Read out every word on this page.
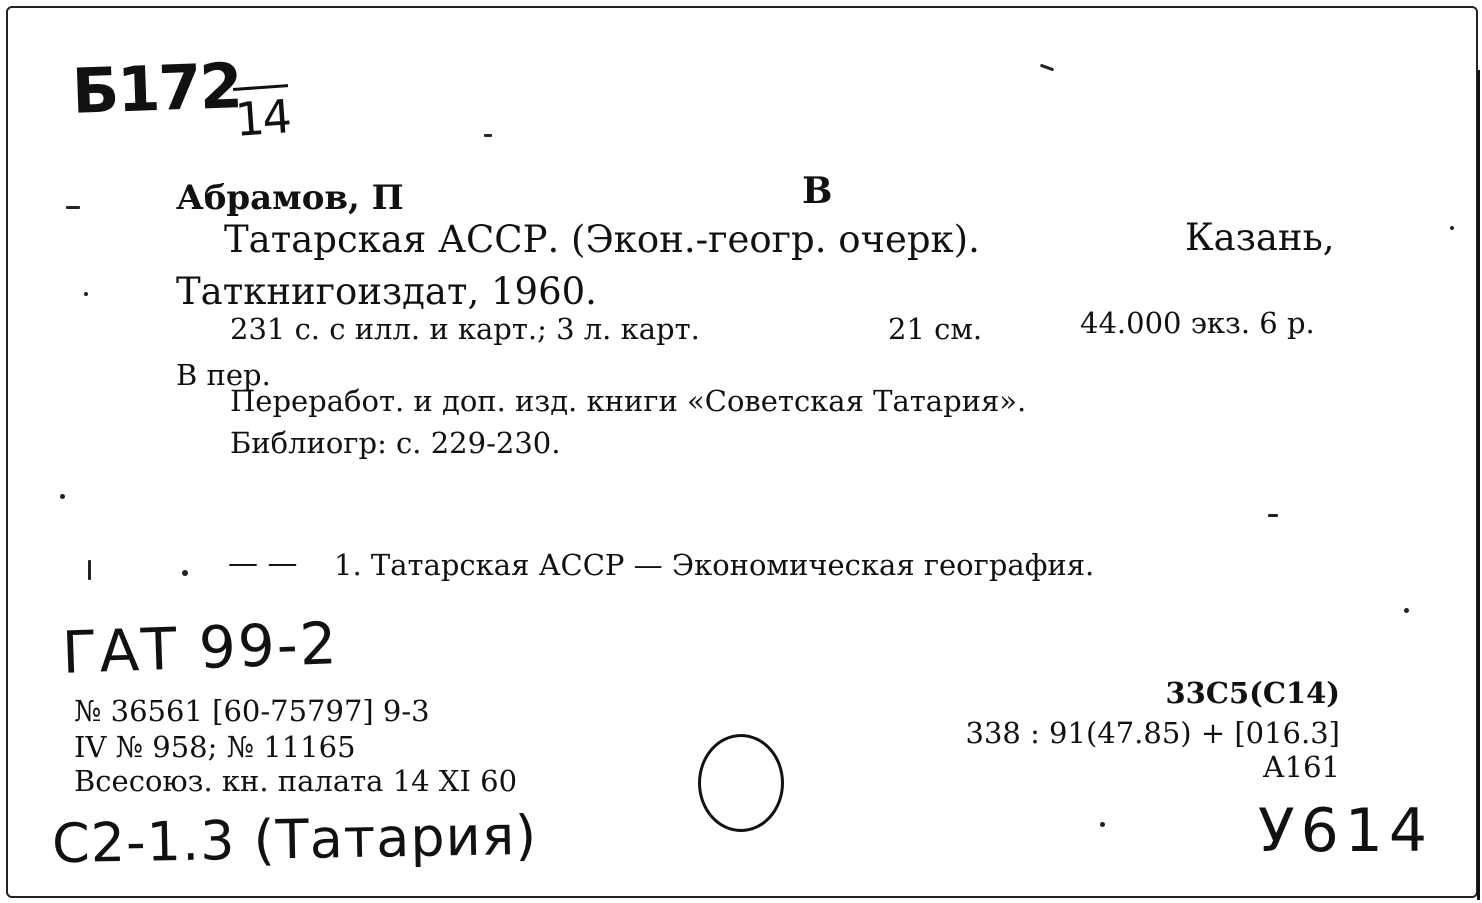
Б172
14
Абрамов, П	В
Татарская АССР. (Экон.-геогр. очерк).	Казань,
Таткнигоиздат, 1960.
231 с. с илл. и карт.; 3 л. карт.	21 см.	44.000 экз. 6 р.
В пер.
Переработ. и доп. изд. книги «Советская Татария».
Библиогр: с. 229-230.
— — 1. Татарская АССР — Экономическая география.
ГАТ 99-2
№ 36561 [60-75797] 9-3
IV № 958; № 11165
Всесоюз. кн. палата 14 XI 60
33С5(С14)
338 : 91(47.85) + [016.3]
А161
С2-1.3 (Татария)	У614
